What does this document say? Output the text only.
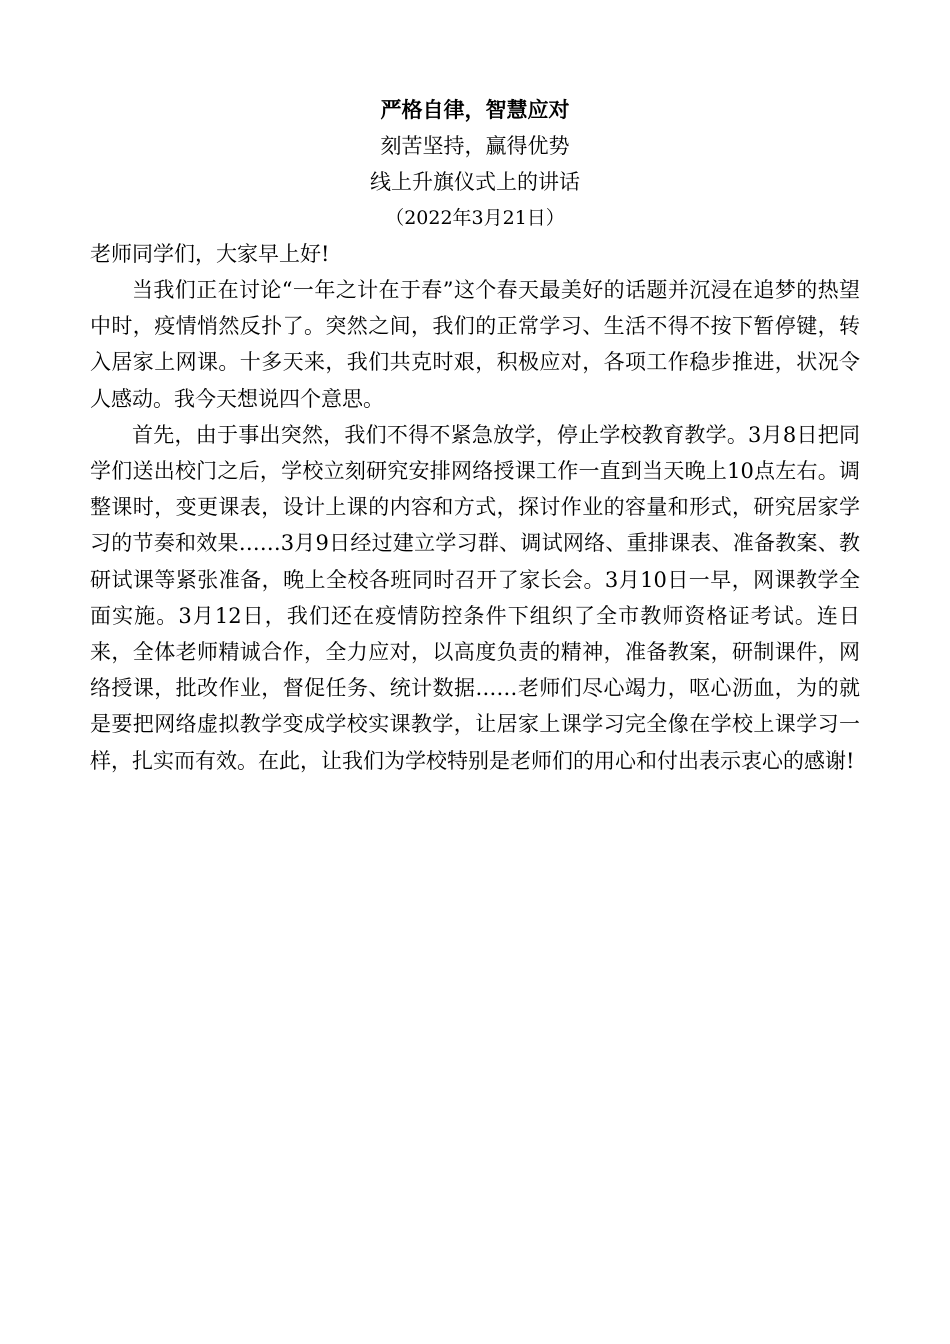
严格自律，智慧应对

刻苦坚持，赢得优势

线上升旗仪式上的讲话

（2022年3月21日）

老师同学们，大家早上好!

当我们正在讨论“一年之计在于春”这个春天最美好的话题并沉浸在追梦的热望中时，疫情悄然反扑了。突然之间，我们的正常学习、生活不得不按下暂停键，转入居家上网课。十多天来，我们共克时艰，积极应对，各项工作稳步推进，状况令人感动。我今天想说四个意思。

首先，由于事出突然，我们不得不紧急放学，停止学校教育教学。3月8日把同学们送出校门之后，学校立刻研究安排网络授课工作一直到当天晚上10点左右。调整课时，变更课表，设计上课的内容和方式，探讨作业的容量和形式，研究居家学习的节奏和效果……3月9日经过建立学习群、调试网络、重排课表、准备教案、教研试课等紧张准备，晚上全校各班同时召开了家长会。3月10日一早，网课教学全面实施。3月12日，我们还在疫情防控条件下组织了全市教师资格证考试。连日来，全体老师精诚合作，全力应对，以高度负责的精神，准备教案，研制课件，网络授课，批改作业，督促任务、统计数据……老师们尽心竭力，呕心沥血，为的就是要把网络虚拟教学变成学校实课教学，让居家上课学习完全像在学校上课学习一样，扎实而有效。在此，让我们为学校特别是老师们的用心和付出表示衷心的感谢!
